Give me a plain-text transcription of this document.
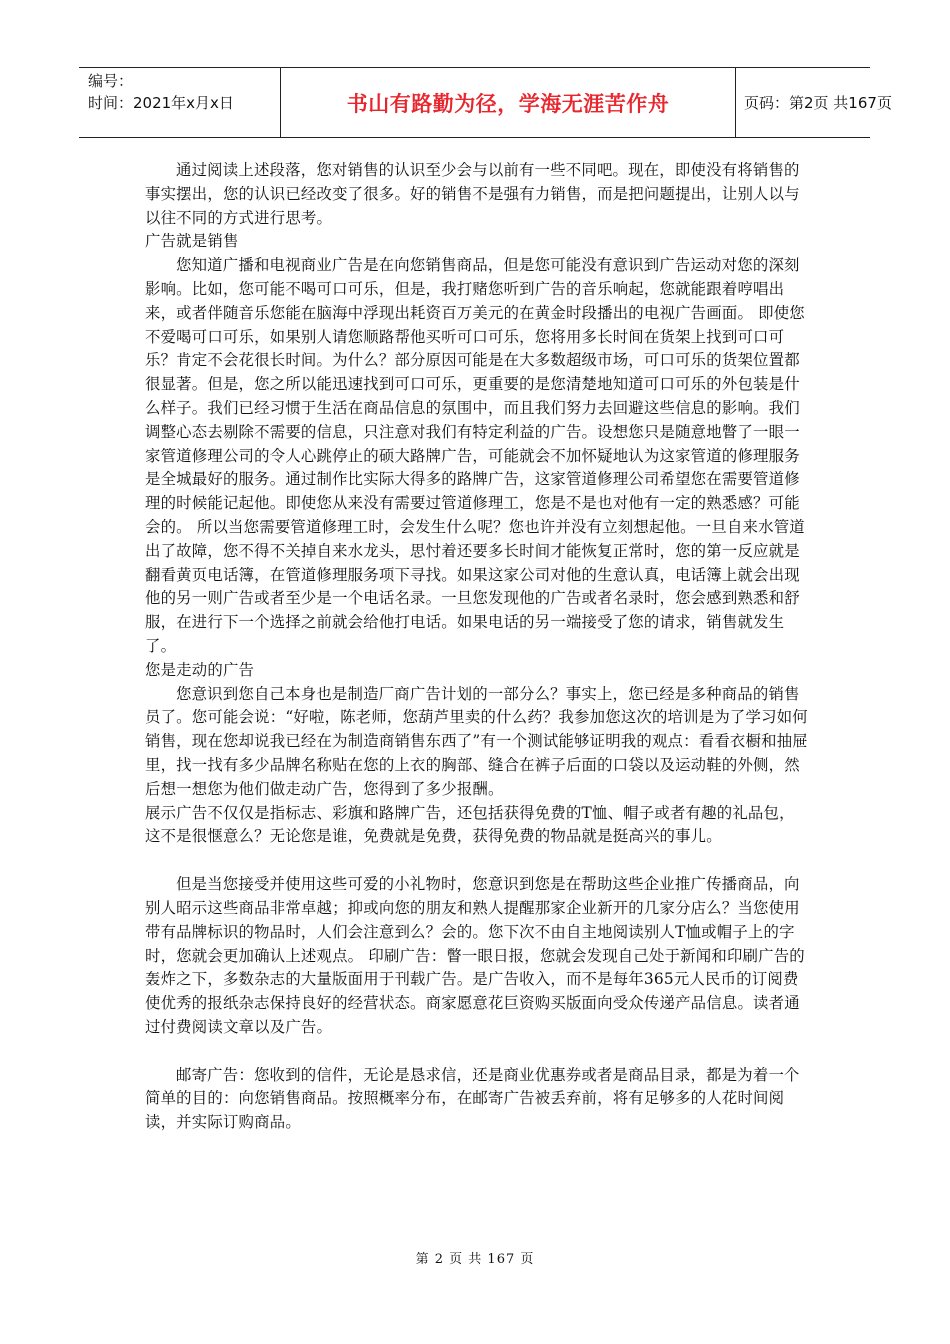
编号：
时间：2021年x月x日	书山有路勤为径，学海无涯苦作舟	页码：第2页 共167页

通过阅读上述段落，您对销售的认识至少会与以前有一些不同吧。现在，即使没有将销售的事实摆出，您的认识已经改变了很多。好的销售不是强有力销售，而是把问题提出，让别人以与以往不同的方式进行思考。

广告就是销售

您知道广播和电视商业广告是在向您销售商品，但是您可能没有意识到广告运动对您的深刻影响。比如，您可能不喝可口可乐，但是，我打赌您听到广告的音乐响起，您就能跟着哼唱出来，或者伴随音乐您能在脑海中浮现出耗资百万美元的在黄金时段播出的电视广告画面。 即使您不爱喝可口可乐，如果别人请您顺路帮他买听可口可乐，您将用多长时间在货架上找到可口可乐？肯定不会花很长时间。为什么？部分原因可能是在大多数超级市场，可口可乐的货架位置都很显著。但是，您之所以能迅速找到可口可乐，更重要的是您清楚地知道可口可乐的外包装是什么样子。我们已经习惯于生活在商品信息的氛围中，而且我们努力去回避这些信息的影响。我们调整心态去剔除不需要的信息，只注意对我们有特定利益的广告。设想您只是随意地瞥了一眼一家管道修理公司的令人心跳停止的硕大路牌广告，可能就会不加怀疑地认为这家管道的修理服务是全城最好的服务。通过制作比实际大得多的路牌广告，这家管道修理公司希望您在需要管道修理的时候能记起他。即使您从来没有需要过管道修理工，您是不是也对他有一定的熟悉感？可能会的。 所以当您需要管道修理工时，会发生什么呢？您也许并没有立刻想起他。一旦自来水管道出了故障，您不得不关掉自来水龙头，思忖着还要多长时间才能恢复正常时，您的第一反应就是翻看黄页电话簿，在管道修理服务项下寻找。如果这家公司对他的生意认真，电话簿上就会出现他的另一则广告或者至少是一个电话名录。一旦您发现他的广告或者名录时，您会感到熟悉和舒服，在进行下一个选择之前就会给他打电话。如果电话的另一端接受了您的请求，销售就发生了。

您是走动的广告

您意识到您自己本身也是制造厂商广告计划的一部分么？事实上，您已经是多种商品的销售员了。您可能会说：“好啦，陈老师，您葫芦里卖的什么药？我参加您这次的培训是为了学习如何销售，现在您却说我已经在为制造商销售东西了”有一个测试能够证明我的观点：看看衣橱和抽屉里，找一找有多少品牌名称贴在您的上衣的胸部、缝合在裤子后面的口袋以及运动鞋的外侧，然后想一想您为他们做走动广告，您得到了多少报酬。

展示广告不仅仅是指标志、彩旗和路牌广告，还包括获得免费的T恤、帽子或者有趣的礼品包，这不是很惬意么？无论您是谁，免费就是免费，获得免费的物品就是挺高兴的事儿。

但是当您接受并使用这些可爱的小礼物时，您意识到您是在帮助这些企业推广传播商品，向别人昭示这些商品非常卓越；抑或向您的朋友和熟人提醒那家企业新开的几家分店么？当您使用带有品牌标识的物品时，人们会注意到么？会的。您下次不由自主地阅读别人T恤或帽子上的字时，您就会更加确认上述观点。 印刷广告：瞥一眼日报，您就会发现自己处于新闻和印刷广告的轰炸之下，多数杂志的大量版面用于刊载广告。是广告收入，而不是每年365元人民币的订阅费使优秀的报纸杂志保持良好的经营状态。商家愿意花巨资购买版面向受众传递产品信息。读者通过付费阅读文章以及广告。

邮寄广告：您收到的信件，无论是恳求信，还是商业优惠券或者是商品目录，都是为着一个简单的目的：向您销售商品。按照概率分布，在邮寄广告被丢弃前，将有足够多的人花时间阅读，并实际订购商品。

第 2 页 共 167 页
